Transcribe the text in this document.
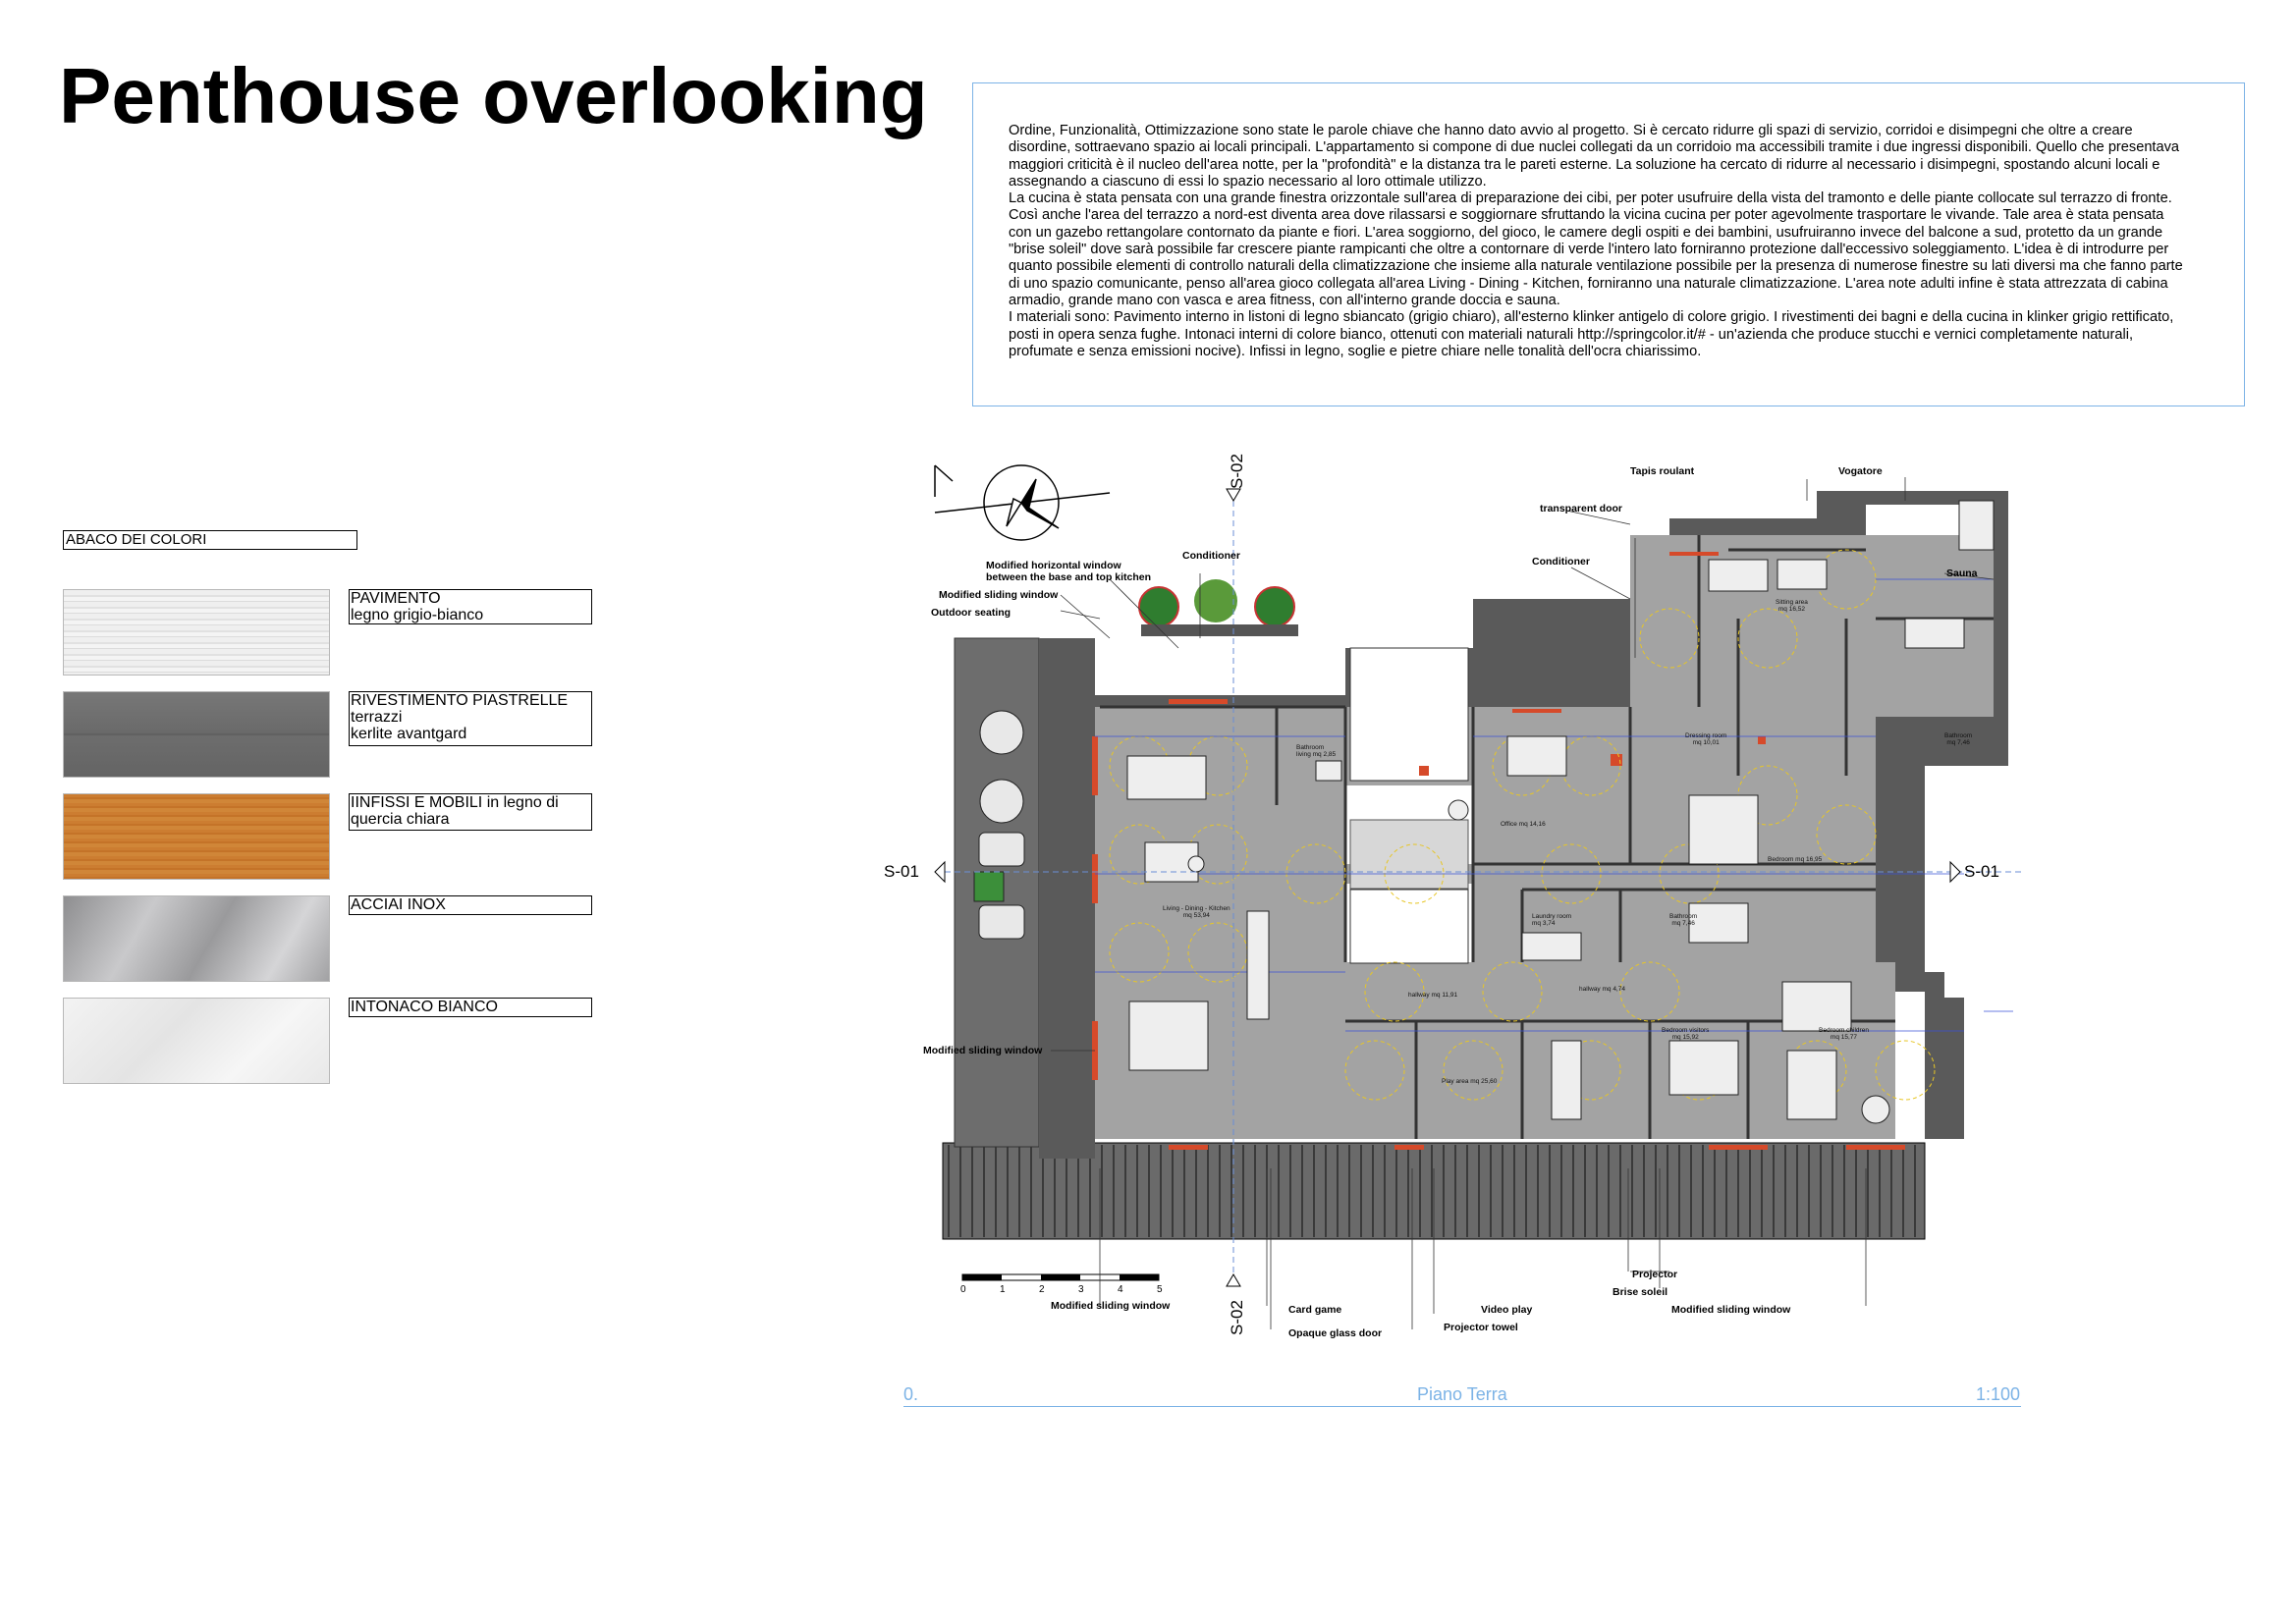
Penthouse overlooking	Ordine, Funzionalità, Ottimizzazione sono state le parole chiave che hanno dato avvio al progetto. Si è cercato ridurre gli spazi di servizio, corridoi e disimpegni che oltre a creare
disordine, sottraevano spazio ai locali principali. L'appartamento si compone di due nuclei collegati da un corridoio ma accessibili tramite i due ingressi disponibili. Quello che presentava
maggiori criticità è il nucleo dell'area notte, per la "profondità" e la distanza tra le pareti esterne. La soluzione ha cercato di ridurre al necessario i disimpegni, spostando alcuni locali e
assegnando a ciascuno di essi lo spazio necessario al loro ottimale utilizzo.
La cucina è stata pensata con una grande finestra orizzontale sull'area di preparazione dei cibi, per poter usufruire della vista del tramonto e delle piante collocate sul terrazzo di fronte.
Così anche l'area del terrazzo a nord-est diventa area dove rilassarsi e soggiornare sfruttando la vicina cucina per poter agevolmente trasportare le vivande. Tale area è stata pensata
con un gazebo rettangolare contornato da piante e fiori. L'area soggiorno, del gioco, le camere degli ospiti e dei bambini, usufruiranno invece del balcone a sud, protetto da un grande
"brise soleil" dove sarà possibile far crescere piante rampicanti che oltre a contornare di verde l'intero lato forniranno protezione dall'eccessivo soleggiamento. L'idea è di introdurre per
quanto possibile elementi di controllo naturali della climatizzazione che insieme alla naturale ventilazione possibile per la presenza di numerose finestre su lati diversi ma che fanno parte
di uno spazio comunicante, penso all'area gioco collegata all'area Living - Dining - Kitchen, forniranno una naturale climatizzazione. L'area note adulti infine è stata attrezzata di cabina
armadio, grande mano con vasca e area fitness, con all'interno grande doccia e sauna.
I materiali sono: Pavimento interno in listoni di legno sbiancato (grigio chiaro), all'esterno klinker antigelo di colore grigio. I rivestimenti dei bagni e della cucina in klinker grigio rettificato,
posti in opera senza fughe. Intonaci interni di colore bianco, ottenuti con materiali naturali http://springcolor.it/# - un'azienda che produce stucchi e vernici completamente naturali,
profumate e senza emissioni nocive). Infissi in legno, soglie e pietre chiare nelle tonalità dell'ocra chiarissimo.
ABACO DEI COLORI
PAVIMENTO
legno grigio-bianco
RIVESTIMENTO PIASTRELLE
terrazzi
kerlite avantgard
IINFISSI E MOBILI in legno di
quercia chiara
ACCIAI INOX
INTONACO BIANCO
S-01	S-01
S-02
S-02
Modified horizontal window
between the base and top kitchen
Conditioner
Modified sliding window
Outdoor seating
Tapis roulant	Vogatore
transparent door
Conditioner
Sauna
Modified sliding window
Projector
Brise soleil
Modified sliding window
Modified sliding window	Card game	Video play
Projector towel
Opaque glass door
Living - Dining - Kitchen
mq 53,94
Bathroom
living mq 2,85
Office mq 14,16
Dressing room
mq 10,01
Bedroom mq 16,95
Sitting area
mq 16,52
Bathroom
mq 7,46
Laundry room
mq 3,74
Bathroom
mq 7,46
hallway mq 4,74
hallway mq 11,91
Play area mq 25,60
Bedroom visitors
mq 15,92
Bedroom children
mq 15,77
0	1	2	3	4	5
0.	Piano Terra	1:100
